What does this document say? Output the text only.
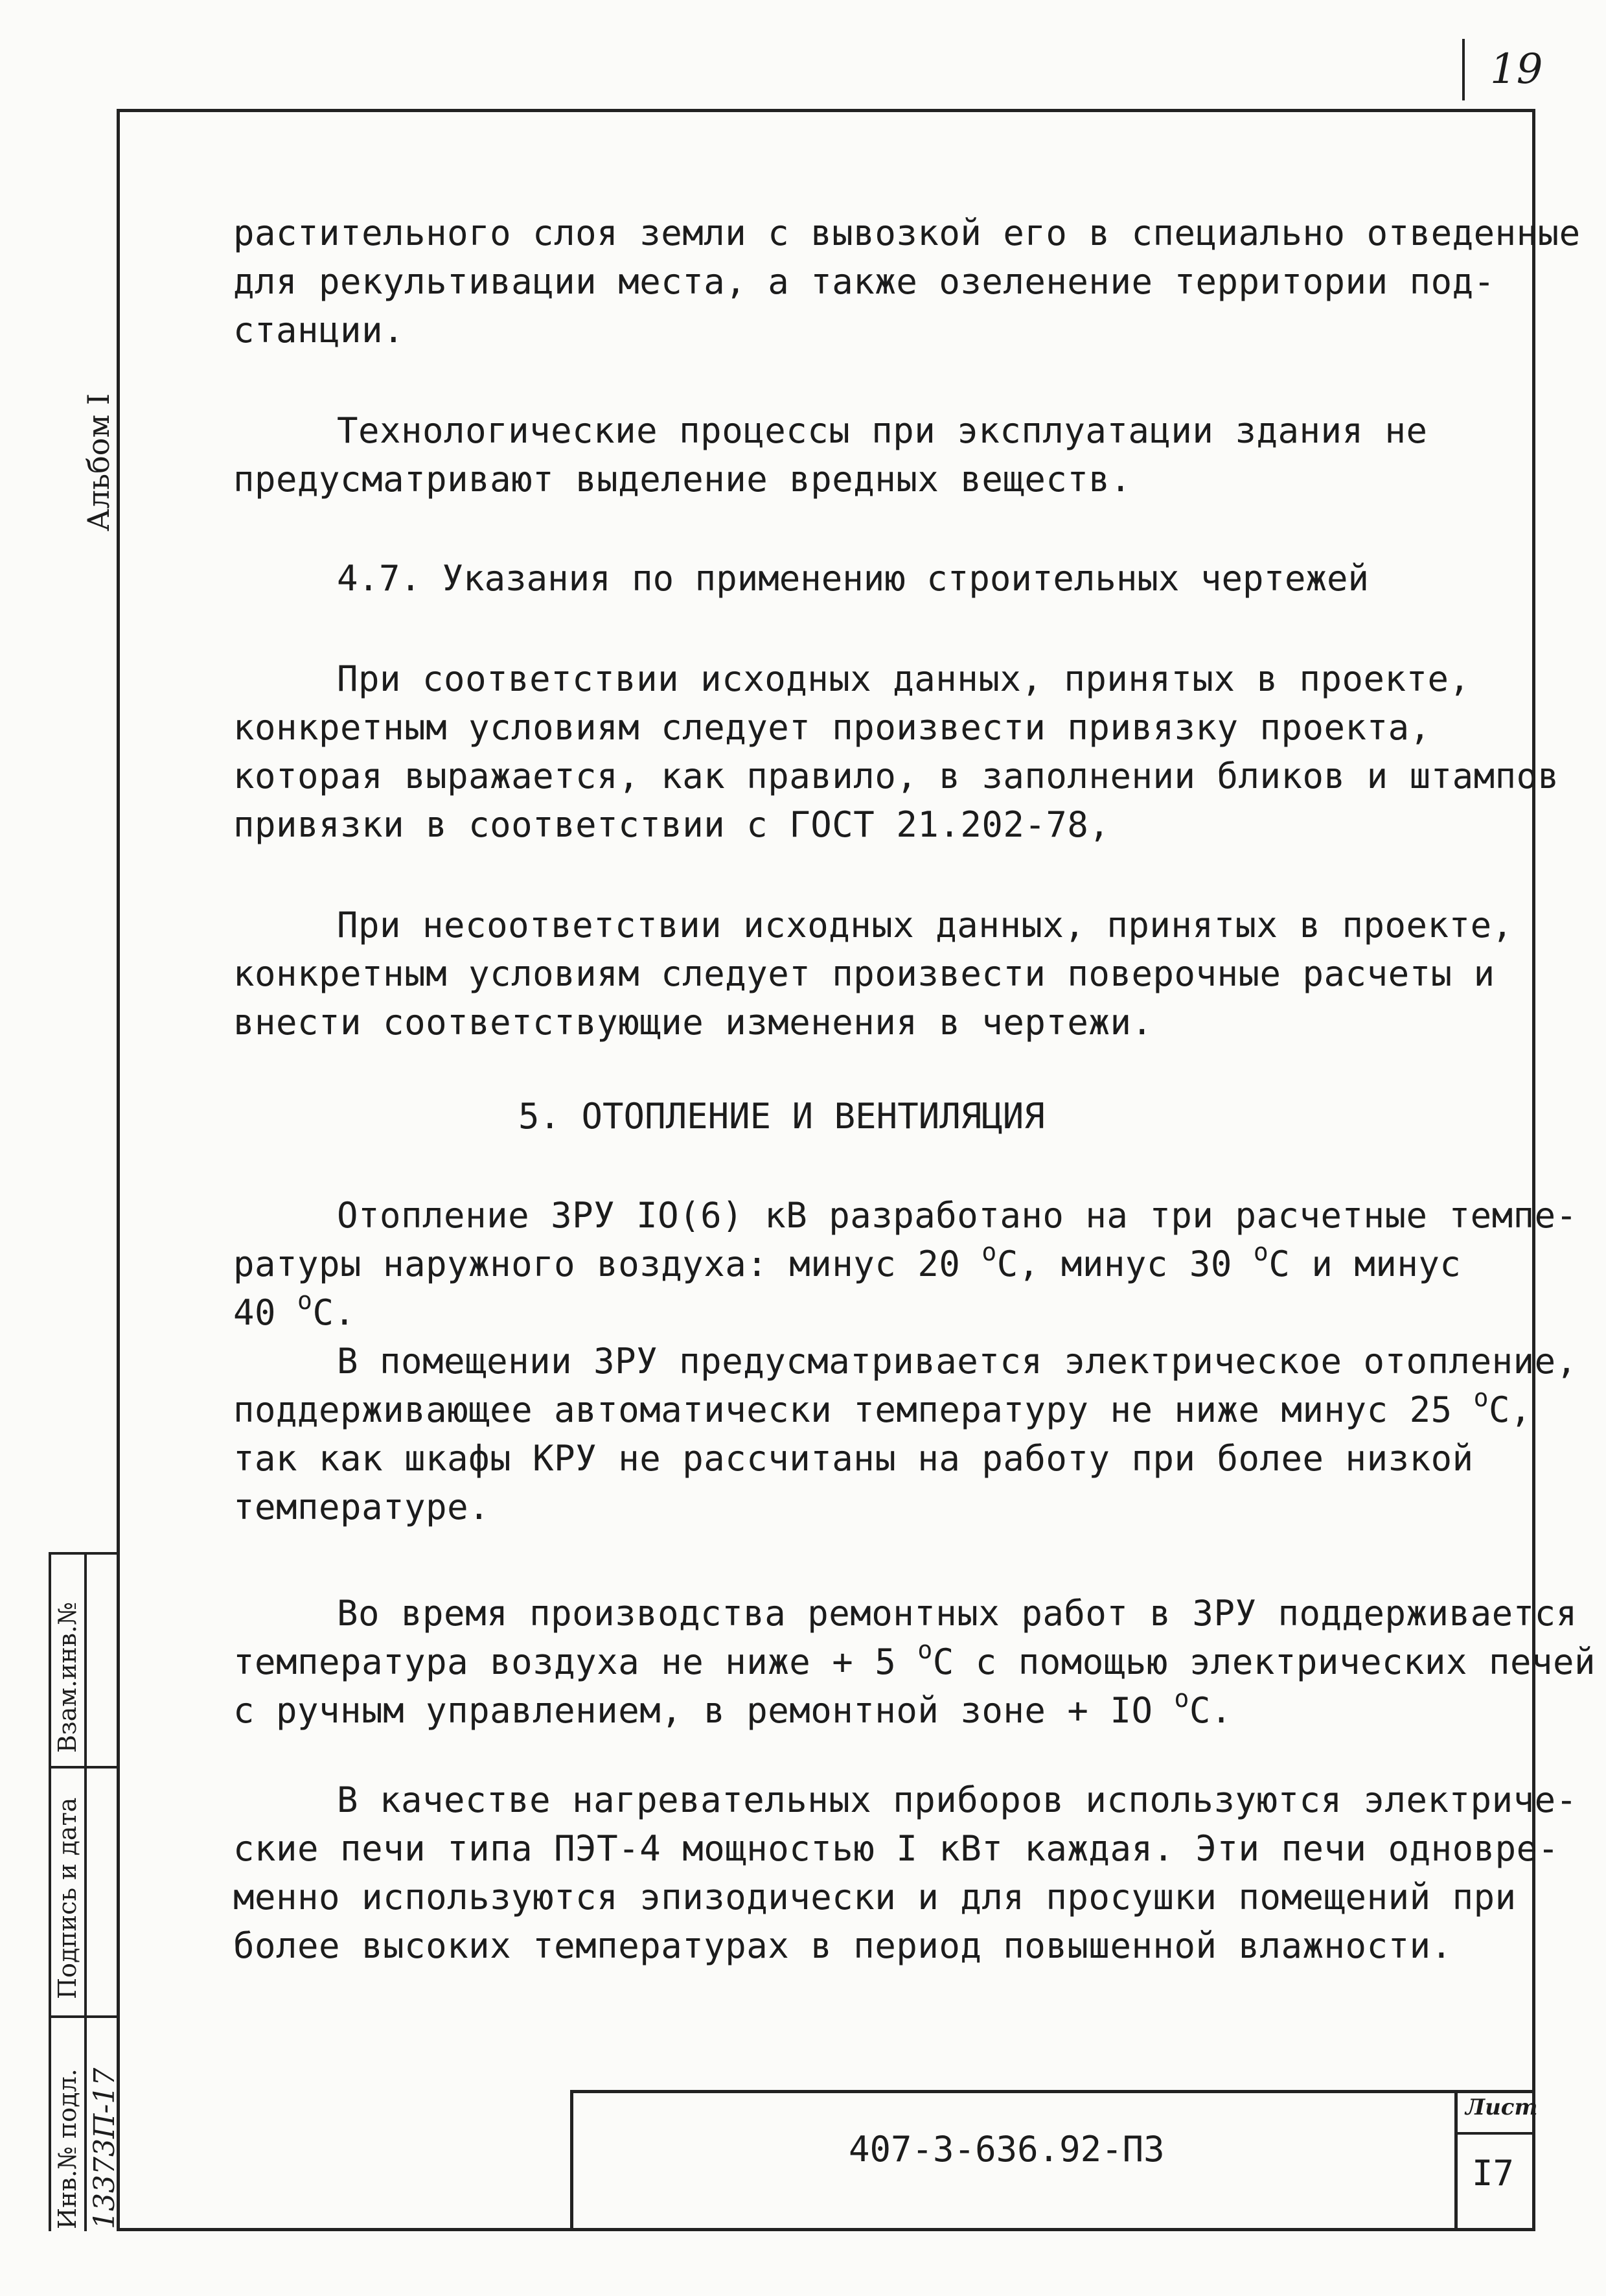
19
Альбом I
Взам.инв.№
Подпись и дата
Инв.№ подл. 13373П-17

растительного слоя земли с вывозкой его в специально отведенные

для рекультивации места, а также озеленение территории под-

станции.

Технологические процессы при эксплуатации здания не

предусматривают выделение вредных веществ.

4.7. Указания по применению строительных чертежей

При соответствии исходных данных, принятых в проекте,

конкретным условиям следует произвести привязку проекта,

которая выражается, как правило, в заполнении бликов и штампов

привязки в соответствии с ГОСТ 21.202-78,

При несоответствии исходных данных, принятых в проекте,

конкретным условиям следует произвести поверочные расчеты и

внести соответствующие изменения в чертежи.

5. ОТОПЛЕНИЕ И ВЕНТИЛЯЦИЯ

Отопление ЗРУ IO(6) кВ разработано на три расчетные темпе-

ратуры наружного воздуха: минус 20 $^o$C, минус 30 $^o$C и минус

40 $^o$C.

В помещении ЗРУ предусматривается электрическое отопление,

поддерживающее автоматически температуру не ниже минус 25 $^o$C,

так как шкафы КРУ не рассчитаны на работу при более низкой

температуре.

Во время производства ремонтных работ в ЗРУ поддерживается

температура воздуха не ниже + 5 $^o$C с помощью электрических печей

с ручным управлением, в ремонтной зоне + IO $^o$C.

В качестве нагревательных приборов используются электриче-

ские печи типа ПЭТ-4 мощностью I кВт каждая. Эти печи одновре-

менно используются эпизодически и для просушки помещений при

более высоких температурах в период повышенной влажности.

407-3-636.92-ПЗ
Лист
I7
